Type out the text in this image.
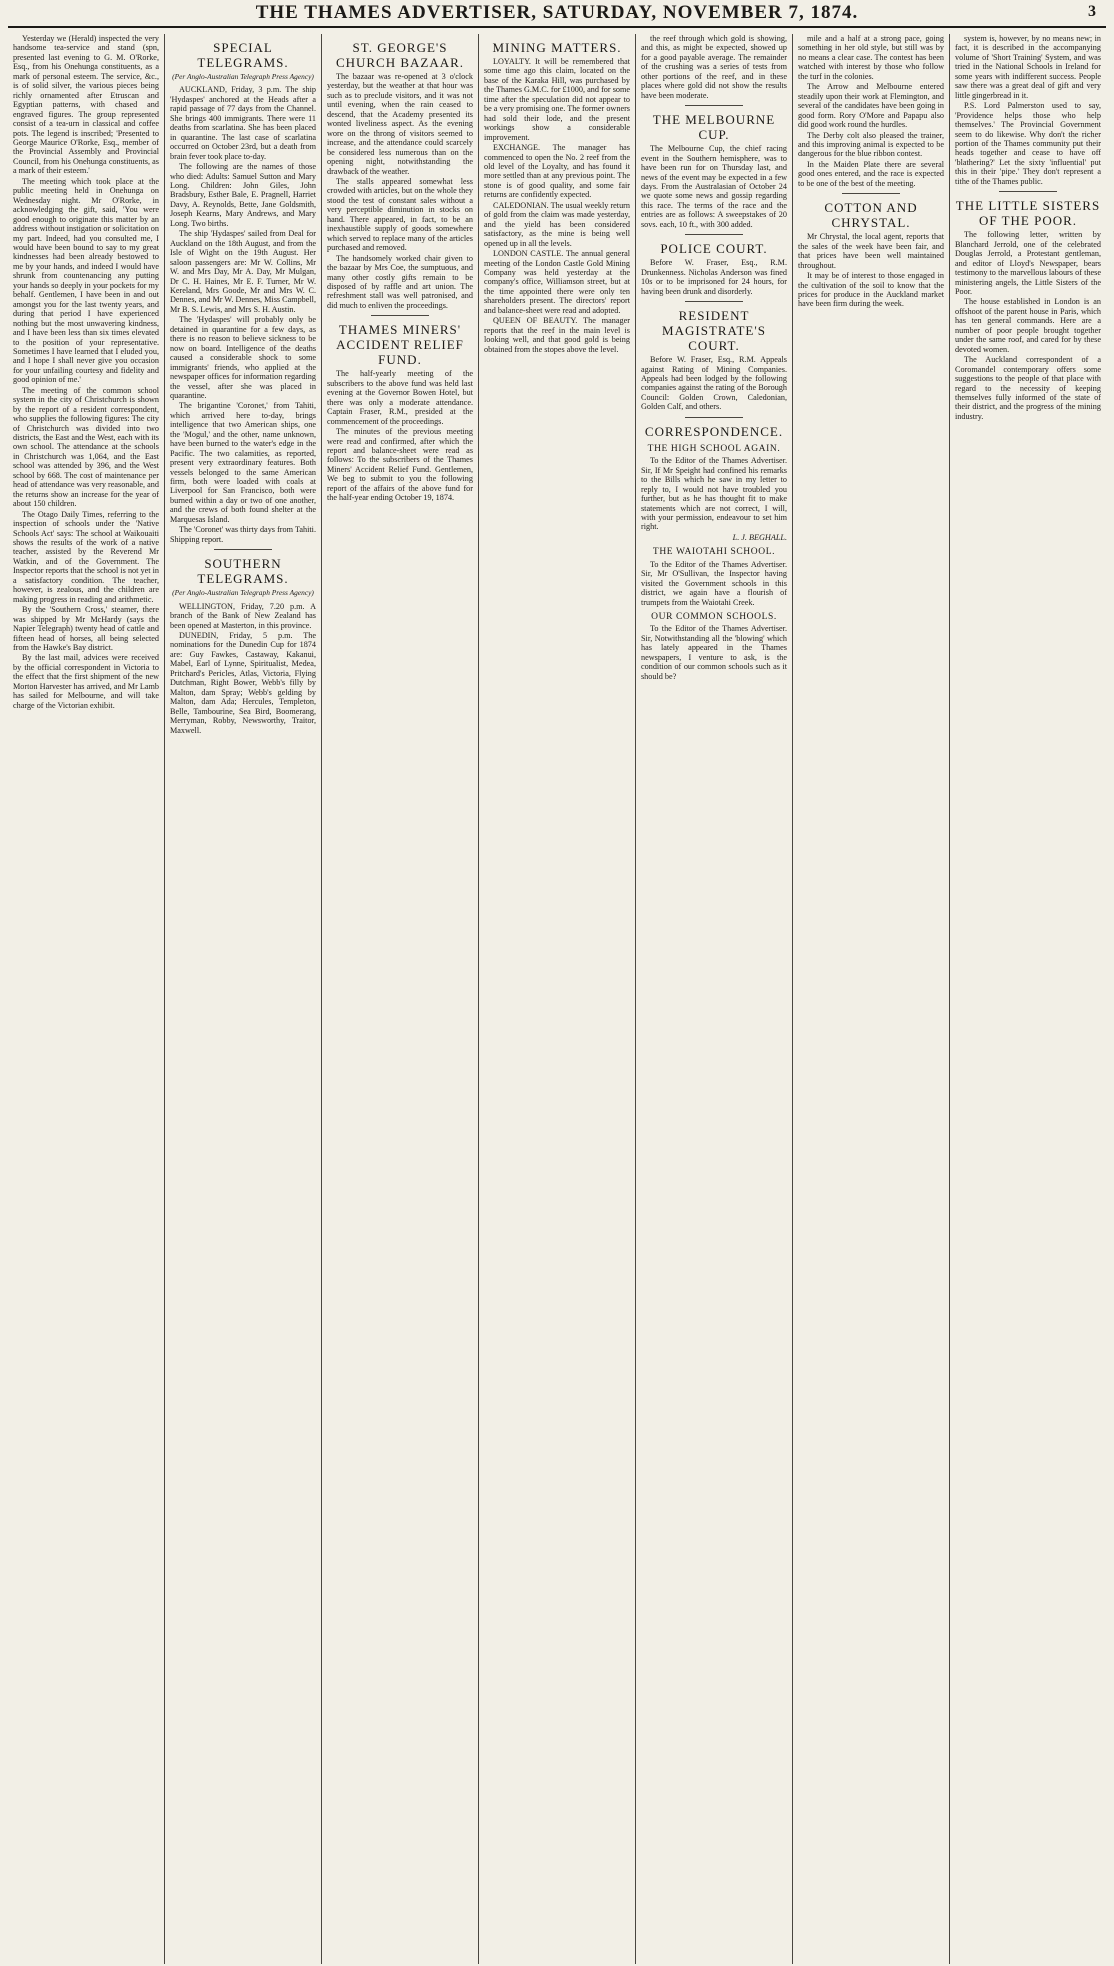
THE THAMES ADVERTISER, SATURDAY, NOVEMBER 7, 1874.	3

Yesterday we (Herald) inspected the very handsome tea-service and stand (spn, presented last evening to G. M. O'Rorke, Esq., from his Onehunga constituents, as a mark of personal esteem. The service, &c., is of solid silver, the various pieces being richly ornamented after Etruscan and Egyptian patterns, with chased and engraved figures. The group represented consist of a tea-urn in classical and coffee pots. The legend is inscribed; 'Presented to George Maurice O'Rorke, Esq., member of the Provincial Assembly and Provincial Council, from his Onehunga constituents, as a mark of their esteem.'

The meeting which took place at the public meeting held in Onehunga on Wednesday night. Mr O'Rorke, in acknowledging the gift, said, 'You were good enough to originate this matter by an address without instigation or solicitation on my part. Indeed, had you consulted me, I would have been bound to say to my great kindnesses had been already bestowed to me by your hands, and indeed I would have shrunk from countenancing any putting your hands so deeply in your pockets for my behalf. Gentlemen, I have been in and out amongst you for the last twenty years, and during that period I have experienced nothing but the most unwavering kindness, and I have been less than six times elevated to the position of your representative. Sometimes I have learned that I eluded you, and I hope I shall never give you occasion for your unfailing courtesy and fidelity and good opinion of me.'

The meeting of the common school system in the city of Christchurch is shown by the report of a resident correspondent, who supplies the following figures: The city of Christchurch was divided into two districts, the East and the West, each with its own school. The attendance at the schools in Christchurch was 1,064, and the East school was attended by 396, and the West school by 668. The cost of maintenance per head of attendance was very reasonable, and the returns show an increase for the year of about 150 children.

The Otago Daily Times, referring to the inspection of schools under the 'Native Schools Act' says: The school at Waikouaiti shows the results of the work of a native teacher, assisted by the Reverend Mr Watkin, and of the Government. The Inspector reports that the school is not yet in a satisfactory condition. The teacher, however, is zealous, and the children are making progress in reading and arithmetic.

By the 'Southern Cross,' steamer, there was shipped by Mr McHardy (says the Napier Telegraph) twenty head of cattle and fifteen head of horses, all being selected from the Hawke's Bay district.

By the last mail, advices were received by the official correspondent in Victoria to the effect that the first shipment of the new Morton Harvester has arrived, and Mr Lamb has sailed for Melbourne, and will take charge of the Victorian exhibit.

SPECIAL TELEGRAMS.
(Per Anglo-Australian Telegraph Press Agency)

AUCKLAND, Friday, 3 p.m. The ship 'Hydaspes' anchored at the Heads after a rapid passage of 77 days from the Channel. She brings 400 immigrants. There were 11 deaths from scarlatina. She has been placed in quarantine. The last case of scarlatina occurred on October 23rd, but a death from brain fever took place to-day.

The following are the names of those who died: Adults: Samuel Sutton and Mary Long. Children: John Giles, John Bradsbury, Esther Bale, E. Pragnell, Harriet Davy, A. Reynolds, Bette, Jane Goldsmith, Joseph Kearns, Mary Andrews, and Mary Long. Two births.

The ship 'Hydaspes' sailed from Deal for Auckland on the 18th August, and from the Isle of Wight on the 19th August. Her saloon passengers are: Mr W. Collins, Mr W. and Mrs Day, Mr A. Day, Mr Mulgan, Dr C. H. Haines, Mr E. F. Turner, Mr W. Kereland, Mrs Goode, Mr and Mrs W. C. Dennes, and Mr W. Dennes, Miss Campbell, Mr B. S. Lewis, and Mrs S. H. Austin.

The 'Hydaspes' will probably only be detained in quarantine for a few days, as there is no reason to believe sickness to be now on board. Intelligence of the deaths caused a considerable shock to some immigrants' friends, who applied at the newspaper offices for information regarding the vessel, after she was placed in quarantine.

The brigantine 'Coronet,' from Tahiti, which arrived here to-day, brings intelligence that two American ships, one the 'Mogul,' and the other, name unknown, have been burned to the water's edge in the Pacific. The two calamities, as reported, present very extraordinary features. Both vessels belonged to the same American firm, both were loaded with coals at Liverpool for San Francisco, both were burned within a day or two of one another, and the crews of both found shelter at the Marquesas Island.

The 'Coronet' was thirty days from Tahiti. Shipping report.

SOUTHERN TELEGRAMS.
(Per Anglo-Australian Telegraph Press Agency)

WELLINGTON, Friday, 7.20 p.m. A branch of the Bank of New Zealand has been opened at Masterton, in this province.

DUNEDIN, Friday, 5 p.m. The nominations for the Dunedin Cup for 1874 are: Guy Fawkes, Castaway, Kakanui, Mabel, Earl of Lynne, Spiritualist, Medea, Pritchard's Pericles, Atlas, Victoria, Flying Dutchman, Right Bower, Webb's filly by Malton, dam Spray; Webb's gelding by Malton, dam Ada; Hercules, Templeton, Belle, Tambourine, Sea Bird, Boomerang, Merryman, Robby, Newsworthy, Traitor, Maxwell.

ST. GEORGE'S CHURCH BAZAAR.

The bazaar was re-opened at 3 o'clock yesterday, but the weather at that hour was such as to preclude visitors, and it was not until evening, when the rain ceased to descend, that the Academy presented its wonted liveliness aspect. As the evening wore on the throng of visitors seemed to increase, and the attendance could scarcely be considered less numerous than on the opening night, notwithstanding the drawback of the weather.

The stalls appeared somewhat less crowded with articles, but on the whole they stood the test of constant sales without a very perceptible diminution in stocks on hand. There appeared, in fact, to be an inexhaustible supply of goods somewhere which served to replace many of the articles purchased and removed.

The handsomely worked chair given to the bazaar by Mrs Coe, the sumptuous, and many other costly gifts remain to be disposed of by raffle and art union. The refreshment stall was well patronised, and did much to enliven the proceedings.

THAMES MINERS' ACCIDENT RELIEF FUND.

The half-yearly meeting of the subscribers to the above fund was held last evening at the Governor Bowen Hotel, but there was only a moderate attendance. Captain Fraser, R.M., presided at the commencement of the proceedings.

The minutes of the previous meeting were read and confirmed, after which the report and balance-sheet were read as follows: To the subscribers of the Thames Miners' Accident Relief Fund. Gentlemen, We beg to submit to you the following report of the affairs of the above fund for the half-year ending October 19, 1874.

MINING MATTERS.

LOYALTY. It will be remembered that some time ago this claim, located on the base of the Karaka Hill, was purchased by the Thames G.M.C. for £1000, and for some time after the speculation did not appear to be a very promising one. The former owners had sold their lode, and the present workings show a considerable improvement.

EXCHANGE. The manager has commenced to open the No. 2 reef from the old level of the Loyalty, and has found it more settled than at any previous point. The stone is of good quality, and some fair returns are confidently expected.

CALEDONIAN. The usual weekly return of gold from the claim was made yesterday, and the yield has been considered satisfactory, as the mine is being well opened up in all the levels.

LONDON CASTLE. The annual general meeting of the London Castle Gold Mining Company was held yesterday at the company's office, Williamson street, but at the time appointed there were only ten shareholders present. The directors' report and balance-sheet were read and adopted.

QUEEN OF BEAUTY. The manager reports that the reef in the main level is looking well, and that good gold is being obtained from the stopes above the level.

the reef through which gold is showing, and this, as might be expected, showed up for a good payable average. The remainder of the crushing was a series of tests from other portions of the reef, and in these places where gold did not show the results have been moderate.

THE MELBOURNE CUP.

The Melbourne Cup, the chief racing event in the Southern hemisphere, was to have been run for on Thursday last, and news of the event may be expected in a few days. From the Australasian of October 24 we quote some news and gossip regarding this race. The terms of the race and the entries are as follows: A sweepstakes of 20 sovs. each, 10 ft., with 300 added.

POLICE COURT.

Before W. Fraser, Esq., R.M. Drunkenness. Nicholas Anderson was fined 10s or to be imprisoned for 24 hours, for having been drunk and disorderly.

RESIDENT MAGISTRATE'S COURT.

Before W. Fraser, Esq., R.M. Appeals against Rating of Mining Companies. Appeals had been lodged by the following companies against the rating of the Borough Council: Golden Crown, Caledonian, Golden Calf, and others.

CORRESPONDENCE.
THE HIGH SCHOOL AGAIN.

To the Editor of the Thames Advertiser. Sir, If Mr Speight had confined his remarks to the Bills which he saw in my letter to reply to, I would not have troubled you further, but as he has thought fit to make statements which are not correct, I will, with your permission, endeavour to set him right.

L. J. BEGHALL.

THE WAIOTAHI SCHOOL.

To the Editor of the Thames Advertiser. Sir, Mr O'Sullivan, the Inspector having visited the Government schools in this district, we again have a flourish of trumpets from the Waiotahi Creek.

OUR COMMON SCHOOLS.

To the Editor of the Thames Advertiser. Sir, Notwithstanding all the 'blowing' which has lately appeared in the Thames newspapers, I venture to ask, is the condition of our common schools such as it should be?

mile and a half at a strong pace, going something in her old style, but still was by no means a clear case. The contest has been watched with interest by those who follow the turf in the colonies.

The Arrow and Melbourne entered steadily upon their work at Flemington, and several of the candidates have been going in good form. Rory O'More and Papapu also did good work round the hurdles.

The Derby colt also pleased the trainer, and this improving animal is expected to be dangerous for the blue ribbon contest.

In the Maiden Plate there are several good ones entered, and the race is expected to be one of the best of the meeting.

COTTON AND CHRYSTAL.

Mr Chrystal, the local agent, reports that the sales of the week have been fair, and that prices have been well maintained throughout.

It may be of interest to those engaged in the cultivation of the soil to know that the prices for produce in the Auckland market have been firm during the week.

system is, however, by no means new; in fact, it is described in the accompanying volume of 'Short Training' System, and was tried in the National Schools in Ireland for some years with indifferent success. People saw there was a great deal of gift and very little gingerbread in it.

P.S. Lord Palmerston used to say, 'Providence helps those who help themselves.' The Provincial Government seem to do likewise. Why don't the richer portion of the Thames community put their heads together and cease to have off 'blathering?' Let the sixty 'influential' put this in their 'pipe.' They don't represent a tithe of the Thames public.

THE LITTLE SISTERS OF THE POOR.

The following letter, written by Blanchard Jerrold, one of the celebrated Douglas Jerrold, a Protestant gentleman, and editor of Lloyd's Newspaper, bears testimony to the marvellous labours of these ministering angels, the Little Sisters of the Poor.

The house established in London is an offshoot of the parent house in Paris, which has ten general commands. Here are a number of poor people brought together under the same roof, and cared for by these devoted women.

The Auckland correspondent of a Coromandel contemporary offers some suggestions to the people of that place with regard to the necessity of keeping themselves fully informed of the state of their district, and the progress of the mining industry.
